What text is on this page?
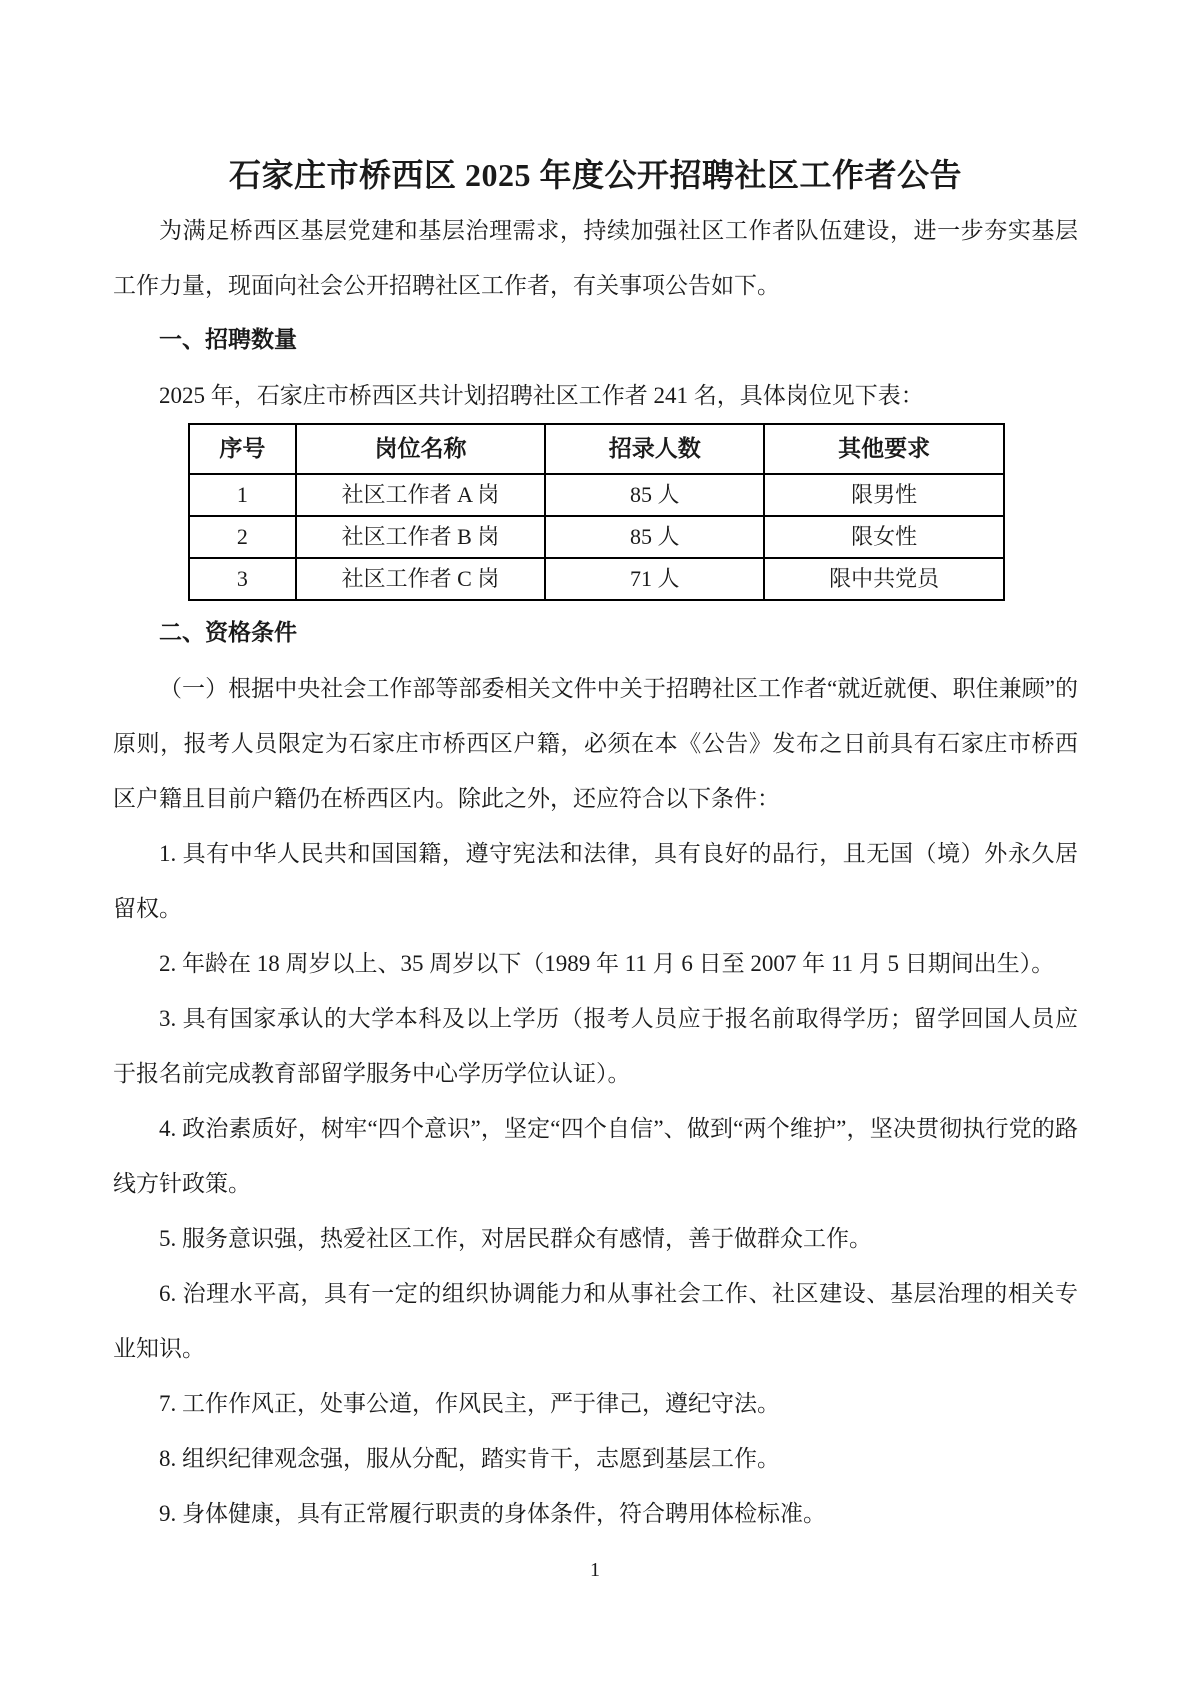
石家庄市桥西区 2025 年度公开招聘社区工作者公告

为满足桥西区基层党建和基层治理需求，持续加强社区工作者队伍建设，进一步夯实基层工作力量，现面向社会公开招聘社区工作者，有关事项公告如下。

一、招聘数量

2025 年，石家庄市桥西区共计划招聘社区工作者 241 名，具体岗位见下表：

序号	岗位名称	招录人数	其他要求
1	社区工作者 A 岗	85 人	限男性
2	社区工作者 B 岗	85 人	限女性
3	社区工作者 C 岗	71 人	限中共党员
二、资格条件

（一）根据中央社会工作部等部委相关文件中关于招聘社区工作者“就近就便、职住兼顾”的原则，报考人员限定为石家庄市桥西区户籍，必须在本《公告》发布之日前具有石家庄市桥西区户籍且目前户籍仍在桥西区内。除此之外，还应符合以下条件：

1. 具有中华人民共和国国籍，遵守宪法和法律，具有良好的品行，且无国（境）外永久居留权。

2. 年龄在 18 周岁以上、35 周岁以下（1989 年 11 月 6 日至 2007 年 11 月 5 日期间出生）。

3. 具有国家承认的大学本科及以上学历（报考人员应于报名前取得学历；留学回国人员应于报名前完成教育部留学服务中心学历学位认证）。

4. 政治素质好，树牢“四个意识”，坚定“四个自信”、做到“两个维护”，坚决贯彻执行党的路线方针政策。

5. 服务意识强，热爱社区工作，对居民群众有感情，善于做群众工作。

6. 治理水平高，具有一定的组织协调能力和从事社会工作、社区建设、基层治理的相关专业知识。

7. 工作作风正，处事公道，作风民主，严于律己，遵纪守法。

8. 组织纪律观念强，服从分配，踏实肯干，志愿到基层工作。

9. 身体健康，具有正常履行职责的身体条件，符合聘用体检标准。

1
